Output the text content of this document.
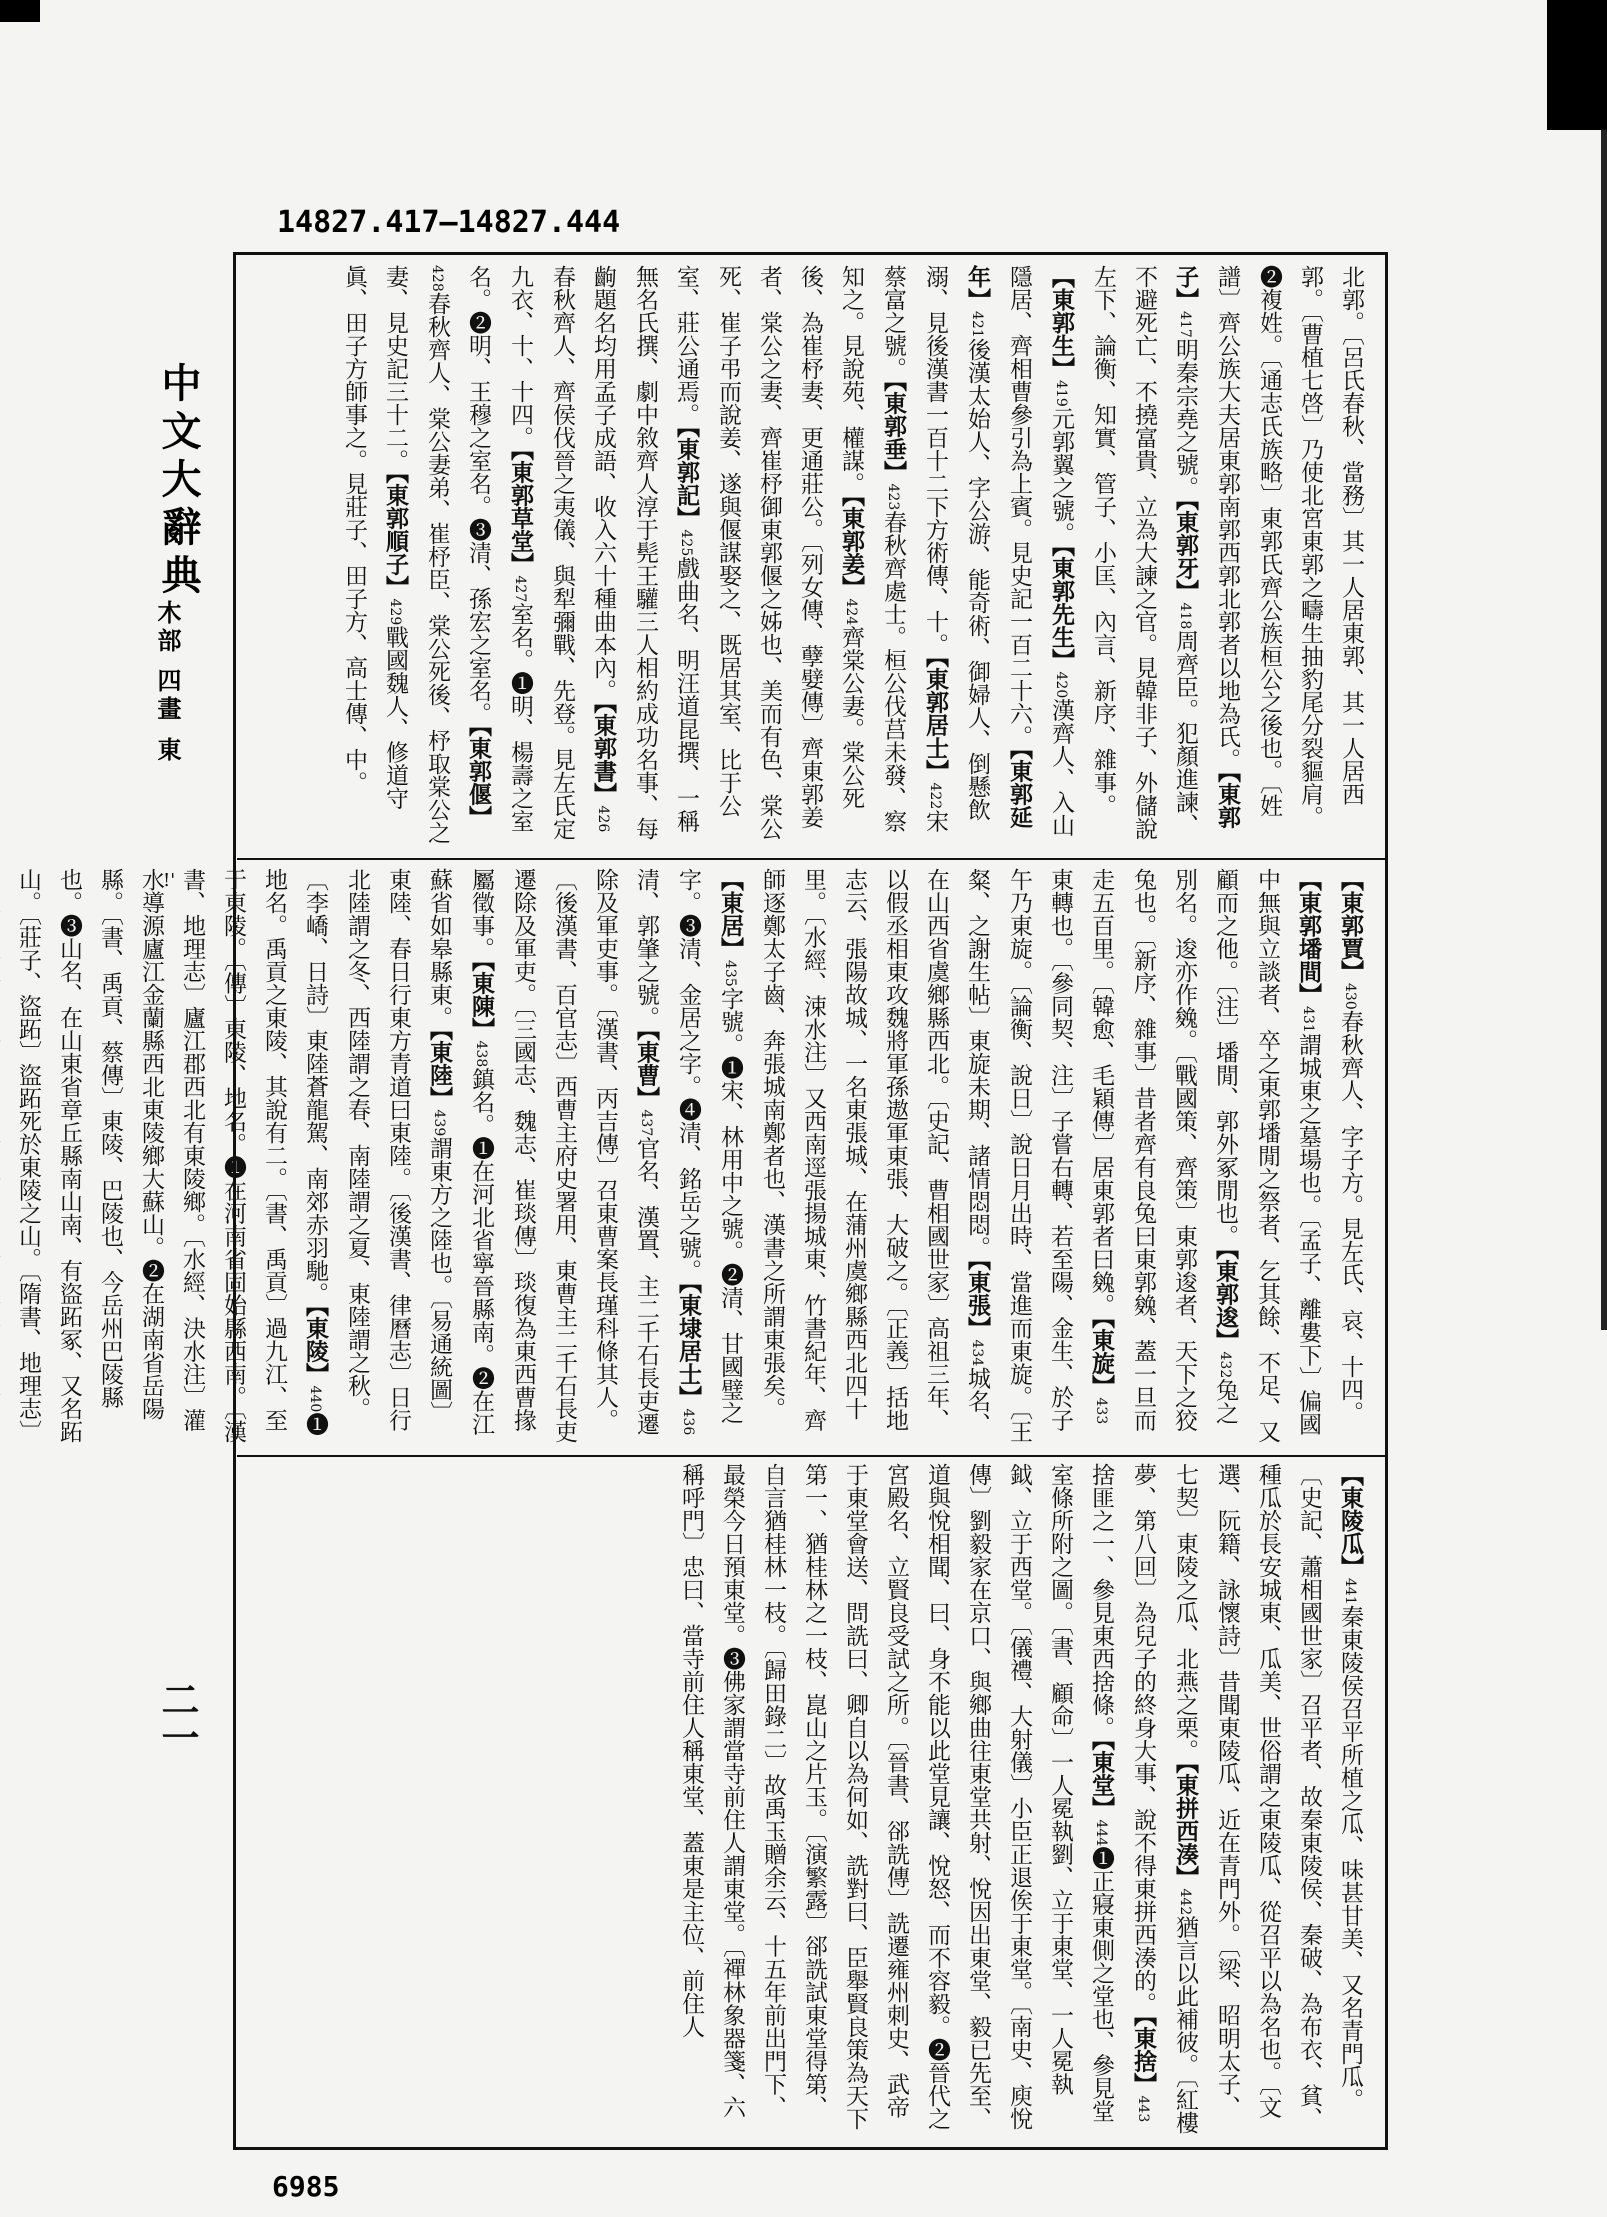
14827.417—14827.444
中文大辭典
木部 四畫 東
!'
二一
北郭。〔呂氏春秋、當務〕其一人居東郭、其一人居西郭。〔曹植七啓〕乃使北宮東郭之疇生抽豹尾分裂貙肩。❷複姓。〔通志氏族略〕東郭氏齊公族桓公之後也。〔姓譜〕齊公族大夫居東郭南郭西郭北郭者以地為氏。【東郭子】417明秦宗堯之號。【東郭牙】418周齊臣。犯顏進諫、不避死亡、不撓富貴、立為大諫之官。見韓非子、外儲說左下、論衡、知實、管子、小匡、內言、新序、雜事。【東郭生】419元郭翼之號。【東郭先生】420漢齊人、入山隱居、齊相曹參引為上賓。見史記一百二十六。【東郭延年】421後漢太始人、字公游、能奇術、御婦人、倒懸飲溺、見後漢書一百十二下方術傳、十。【東郭居士】422宋蔡富之號。【東郭垂】423春秋齊處士。桓公伐莒未發、察知之。見說苑、權謀。【東郭姜】424齊棠公妻。棠公死後、為崔杼妻、更通莊公。〔列女傳、孽嬖傳〕齊東郭姜者、棠公之妻、齊崔杼御東郭偃之姊也、美而有色、棠公死、崔子弔而說姜、遂與偃謀娶之、既居其室、比于公室、莊公通焉。【東郭記】425戲曲名、明汪道昆撰、一稱無名氏撰、劇中敘齊人淳于髡王驩三人相約成功名事、每齣題名均用孟子成語、收入六十種曲本內。【東郭書】426春秋齊人、齊侯伐晉之夷儀、與犁彌戰、先登。見左氏定九衣、十、十四。【東郭草堂】427室名。❶明、楊壽之室名。❷明、王穆之室名。❸清、孫宏之室名。【東郭偃】428春秋齊人、棠公妻弟、崔杼臣、棠公死後、杼取棠公之妻、見史記三十二。【東郭順子】429戰國魏人、修道守眞、田子方師事之。見莊子、田子方、高士傳、中。
【東郭賈】430春秋齊人、字子方。見左氏、哀、十四。【東郭墦間】431謂城東之墓場也。〔孟子、離婁下〕偏國中無與立談者、卒之東郭墦閒之祭者、乞其餘、不足、又顧而之他。〔注〕墦閒、郭外冢閒也。【東郭逡】432兔之別名。逡亦作㕙。〔戰國策、齊策〕東郭逡者、天下之狡兔也。〔新序、雜事〕昔者齊有良兔曰東郭㕙、蓋一旦而走五百里。〔韓愈、毛穎傳〕居東郭者曰㕙。【東旋】433東轉也。〔參同契、注〕子嘗右轉、若至陽、金生、於子午乃東旋。〔論衡、說日〕說日月出時、當進而東旋。〔王粲、之謝生帖〕東旋未期、諸情悶悶。【東張】434城名、在山西省虞鄉縣西北。〔史記、曹相國世家〕高祖三年、以假丞相東攻魏將軍孫遨軍東張、大破之。〔正義〕括地志云、張陽故城、一名東張城、在蒲州虞鄉縣西北四十里。〔水經、涑水注〕又西南逕張揚城東、竹書紀年、齊師逐鄭太子齒、奔張城南鄭者也、漢書之所謂東張矣。【東居】435字號。❶宋、林用中之號。❷清、甘國璧之字。❸清、金居之字。❹清、銘岳之號。【東埭居士】436清、郭肇之號。【東曹】437官名、漢置、主二千石長吏遷除及軍吏事。〔漢書、丙吉傳〕召東曹案長瑾科條其人。〔後漢書、百官志〕西曹主府史署用、東曹主二千石長吏遷除及軍吏。〔三國志、魏志、崔琰傳〕琰復為東西曹掾屬徵事。【東陳】438鎮名。❶在河北省寧晉縣南。❷在江蘇省如皋縣東。【東陸】439謂東方之陸也。〔易通統圖〕東陸、春日行東方青道曰東陸。〔後漢書、律曆志〕日行北陸謂之冬、西陸謂之春、南陸謂之夏、東陸謂之秋。〔李嶠、日詩〕東陸蒼龍駕、南郊赤羽馳。【東陵】440❶地名。禹貢之東陵、其說有二。〔書、禹貢〕過九江、至于東陵。〔傳〕東陵、地名。❶在河南省固始縣西南。〔漢書、地理志〕廬江郡西北有東陵鄉。〔水經、決水注〕灌水導源廬江金蘭縣西北東陵鄉大蘇山。❷在湖南省岳陽縣。〔書、禹貢、蔡傳〕東陵、巴陵也、今岳州巴陵縣也。❸山名、在山東省章丘縣南山南、有盜跖冢、又名跖山。〔莊子、盜跖〕盜跖死於東陵之山。〔隋書、地理志〕
【東陵瓜】441秦東陵侯召平所植之瓜、味甚甘美、又名青門瓜。〔史記、蕭相國世家〕召平者、故秦東陵侯、秦破、為布衣、貧、種瓜於長安城東、瓜美、世俗謂之東陵瓜、從召平以為名也。〔文選、阮籍、詠懷詩〕昔聞東陵瓜、近在青門外。〔梁、昭明太子、七契〕東陵之瓜、北燕之栗。【東拼西湊】442猶言以此補彼。〔紅樓夢、第八回〕為兒子的終身大事、說不得東拼西湊的。【東捨】443捨匪之一、參見東西捨條。【東堂】444❶正寢東側之堂也、參見堂室條所附之圖。〔書、顧命〕一人冕執劉、立于東堂、一人冕執鉞、立于西堂。〔儀禮、大射儀〕小臣正退俟于東堂。〔南史、庾悅傳〕劉毅家在京口、與鄉曲往東堂共射、悅因出東堂、毅已先至、道與悅相聞、曰、身不能以此堂見讓、悅怒、而不容毅。❷晉代之宮殿名、立賢良受試之所。〔晉書、郤詵傳〕詵遷雍州刺史、武帝于東堂會送、問詵曰、卿自以為何如、詵對曰、臣舉賢良策為天下第一、猶桂林之一枝、崑山之片玉。〔演繁露〕郤詵試東堂得第、自言猶桂林一枝。〔歸田錄二〕故禹玉贈余云、十五年前出門下、最榮今日預東堂。❸佛家謂當寺前住人謂東堂。〔禪林象器箋、六稱呼門〕忠曰、當寺前住人稱東堂、蓋東是主位、前住人
6985
